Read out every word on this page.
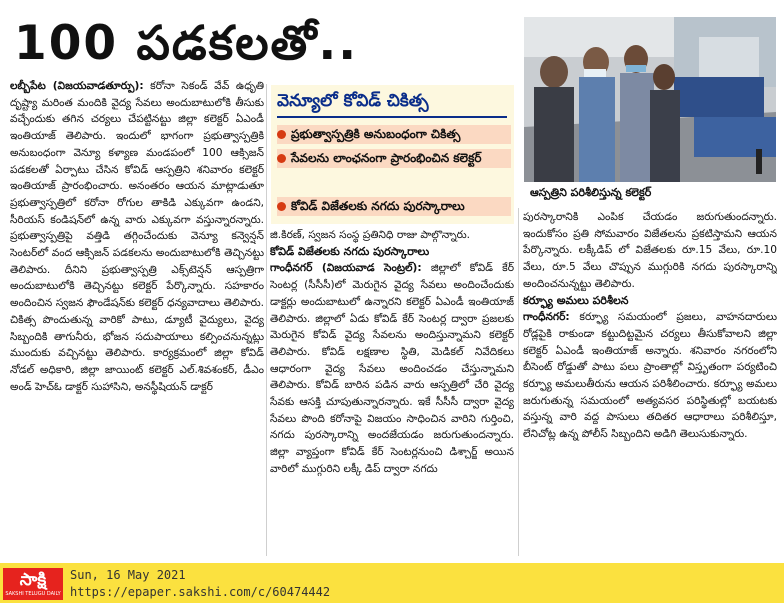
100 పడకలతో..

లబ్బీపేట (విజయవాడతూర్పు): కరోనా సెకండ్ వేవ్ ఉధృతి దృష్ట్యా మరింత మందికి వైద్య సేవలు అందుబాటులోకి తీసుకు వచ్చేందుకు తగిన చర్యలు చేపట్టినట్టు జిల్లా కలెక్టర్ ఏఎండీ ఇంతియాజ్ తెలిపారు. ఇందులో భాగంగా ప్రభుత్వాస్పత్రికి అనుబంధంగా వెన్యూ కళ్యాణ మండపంలో 100 ఆక్సిజన్ పడకలతో ఏర్పాటు చేసిన కోవిడ్ ఆస్పత్రిని శనివారం కలెక్టర్ ఇంతియాజ్ ప్రారంభించారు. అనంతరం ఆయన మాట్లాడుతూ ప్రభుత్వాస్పత్రిలో కరోనా రోగుల తాకిడి ఎక్కువగా ఉండని, సీరియస్ కండిషన్‌లో ఉన్న వారు ఎక్కువగా వస్తున్నారన్నారు. ప్రభుత్వాస్పత్రిపై వత్తిడి తగ్గించేందుకు వెన్యూ కన్వెన్షన్ సెంటర్‌లో వంద ఆక్సిజన్ పడకలను అందుబాటులోకి తెచ్చినట్టు తెలిపారు. దీనిని ప్రభుత్వాస్పత్రి ఎక్స్‌టెన్షన్ ఆస్పత్రిగా అందుబాటులోకి తెచ్చినట్టు కలెక్టర్ పేర్కొన్నారు. సహకారం అందించిన స్వజన ఫౌండేషన్‌కు కలెక్టర్ ధన్యవాదాలు తెలిపారు. చికిత్స పొందుతున్న వారికో పాటు, డ్యూటీ వైద్యులు, వైద్య సిబ్బందికి తాగునీరు, భోజన సదుపాయాలు కల్పించనున్నట్లు ముందుకు వచ్చినట్టు తెలిపారు. కార్యక్రమంలో జిల్లా కోవిడ్ నోడల్ అధికారి, జిల్లా జాయింట్ కలెక్టర్ ఎల్.శివశంకర్, డీఎం అండ్ హెచ్ఓ డాక్టర్ సుహాసిని, అనస్థీషియన్ డాక్టర్

వెన్యూలో కోవిడ్ చికిత్స
ప్రభుత్వాస్పత్రికి అనుబంధంగా చికిత్స
సేవలను లాంఛనంగా ప్రారంభించిన కలెక్టర్
కోవిడ్ విజేతలకు నగదు పురస్కారాలు

జి.కిరణ్, స్వజన సంస్థ ప్రతినిధి రాజు పాల్గొన్నారు.

కోవిడ్ విజేతలకు నగదు పురస్కారాలు

గాంధీనగర్ (విజయవాడ సెంట్రల్): జిల్లాలో కోవిడ్ కేర్ సెంటర్ల (సీసీసీ)లో మెరుగైన వైద్య సేవలు అందించేందుకు డాక్టర్లు అందుబాటులో ఉన్నారని కలెక్టర్ ఏఎండీ ఇంతియాజ్ తెలిపారు. జిల్లాలో ఏడు కోవిడ్ కేర్ సెంటర్ల ద్వారా ప్రజలకు మెరుగైన కోవిడ్ వైద్య సేవలను అందిస్తున్నామని కలెక్టర్ తెలిపారు. కోవిడ్ లక్షణాల స్థితి, మెడికల్ నివేదికలు ఆధారంగా వైద్య సేవలు అందించడం చేస్తున్నామని తెలిపారు. కోవిడ్ బారిన పడిన వారు ఆస్పత్రిలో చేరి వైద్య సేవకు ఆసక్తి చూపుతున్నారన్నారు. ఇకే సీసీసీ ద్వారా వైద్య సేవలు పొంది కరోనాపై విజయం సాధించిన వారిని గుర్తించి, నగదు పురస్కారాన్ని అందజేయడం జరుగుతుందన్నారు. జిల్లా వ్యాప్తంగా కోవిడ్ కేర్ సెంటర్లనుంచి డిశ్చార్జ్ అయిన వారిలో ముగ్గురిని లక్కీ డిప్ ద్వారా నగదు

ఆస్పత్రిని పరిశీలిస్తున్న కలెక్టర్

పురస్కారానికి ఎంపిక చేయడం జరుగుతుందన్నారు. ఇందుకోసం ప్రతి సోమవారం విజేతలను ప్రకటిస్తామని ఆయన పేర్కొన్నారు. లక్కీడిప్ లో విజేతలకు రూ.15 వేలు, రూ.10 వేలు, రూ.5 వేలు చొప్పున ముగ్గురికి నగదు పురస్కారాన్ని అందించనున్నట్టు తెలిపారు.

కర్ఫ్యూ అమలు పరిశీలన

గాంధీనగర్: కర్ఫ్యూ సమయంలో ప్రజలు, వాహనదారులు రోడ్లపైకి రాకుండా కట్టుదిట్టమైన చర్యలు తీసుకోవాలని జిల్లా కలెక్టర్ ఏఎండీ ఇంతియాజ్ అన్నారు. శనివారం నగరంలోని బీసెంట్ రోడ్డుతో పాటు పలు ప్రాంతాల్లో విస్తృతంగా పర్యటించి కర్ఫ్యూ అమలుతీరును ఆయన పరిశీలించారు. కర్ఫ్యూ అమలు జరుగుతున్న సమయంలో అత్యవసర పరిస్థితుల్లో బయటకు వస్తున్న వారి వద్ద పాసులు తదితర ఆధారాలు పరిశీలిస్తూ, లేనిచోట్ల ఉన్న పోలీస్ సిబ్బందిని అడిగి తెలుసుకున్నారు.

సాక్షి
SAKSHI TELUGU DAILY
Sun, 16 May 2021
https://epaper.sakshi.com/c/60474442
